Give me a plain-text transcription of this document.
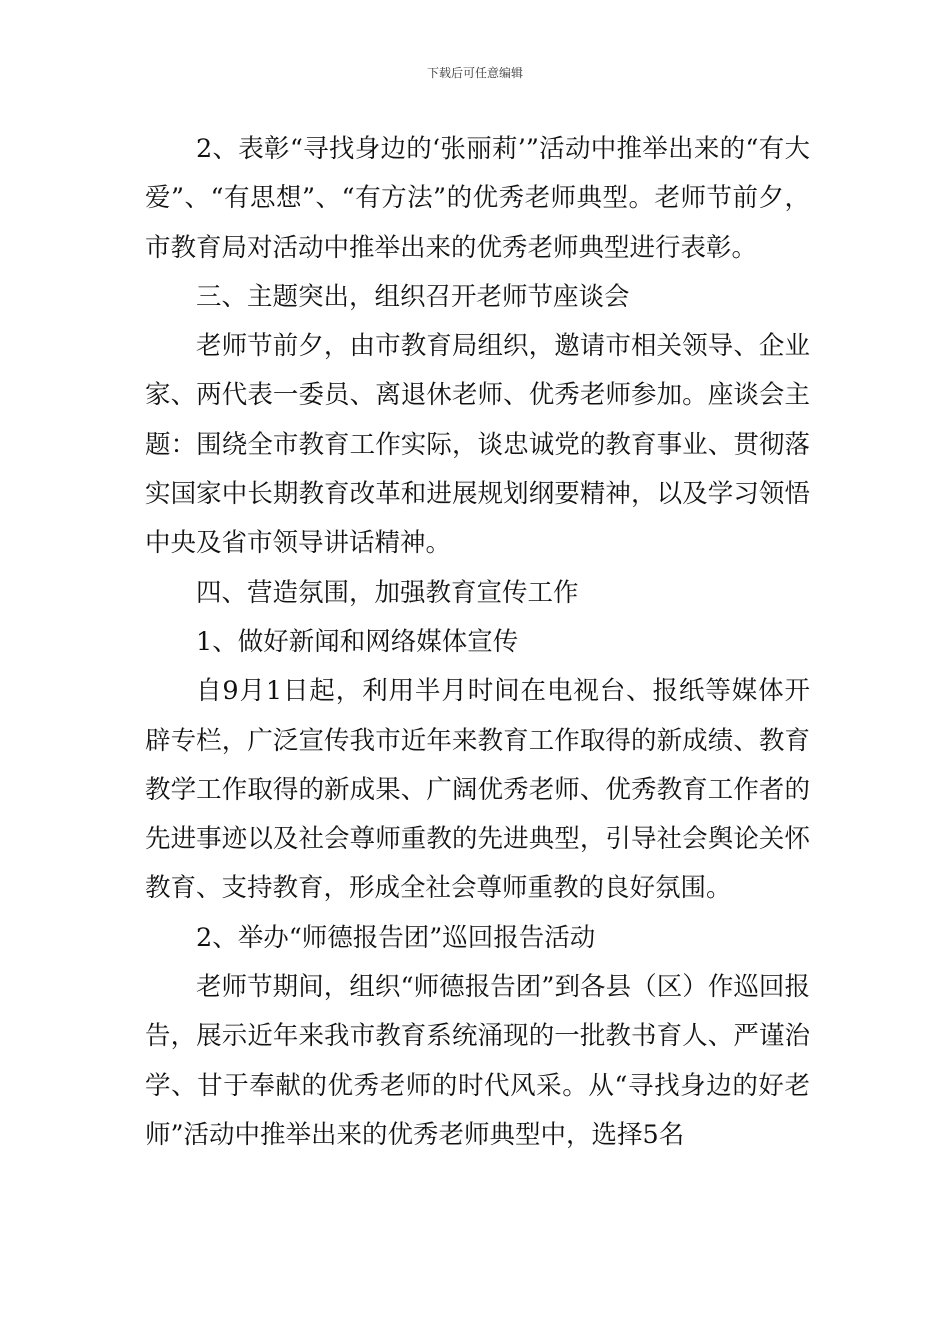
下载后可任意编辑

2、表彰“寻找身边的‘张丽莉’”活动中推举出来的“有大爱”、“有思想”、“有方法”的优秀老师典型。老师节前夕，市教育局对活动中推举出来的优秀老师典型进行表彰。

三、主题突出，组织召开老师节座谈会

老师节前夕，由市教育局组织，邀请市相关领导、企业家、两代表一委员、离退休老师、优秀老师参加。座谈会主题：围绕全市教育工作实际，谈忠诚党的教育事业、贯彻落实国家中长期教育改革和进展规划纲要精神，以及学习领悟中央及省市领导讲话精神。

四、营造氛围，加强教育宣传工作

1、做好新闻和网络媒体宣传

自9月1日起，利用半月时间在电视台、报纸等媒体开辟专栏，广泛宣传我市近年来教育工作取得的新成绩、教育教学工作取得的新成果、广阔优秀老师、优秀教育工作者的先进事迹以及社会尊师重教的先进典型，引导社会舆论关怀教育、支持教育，形成全社会尊师重教的良好氛围。

2、举办“师德报告团”巡回报告活动

老师节期间，组织“师德报告团”到各县（区）作巡回报告，展示近年来我市教育系统涌现的一批教书育人、严谨治学、甘于奉献的优秀老师的时代风采。从“寻找身边的好老师”活动中推举出来的优秀老师典型中，选择5名
